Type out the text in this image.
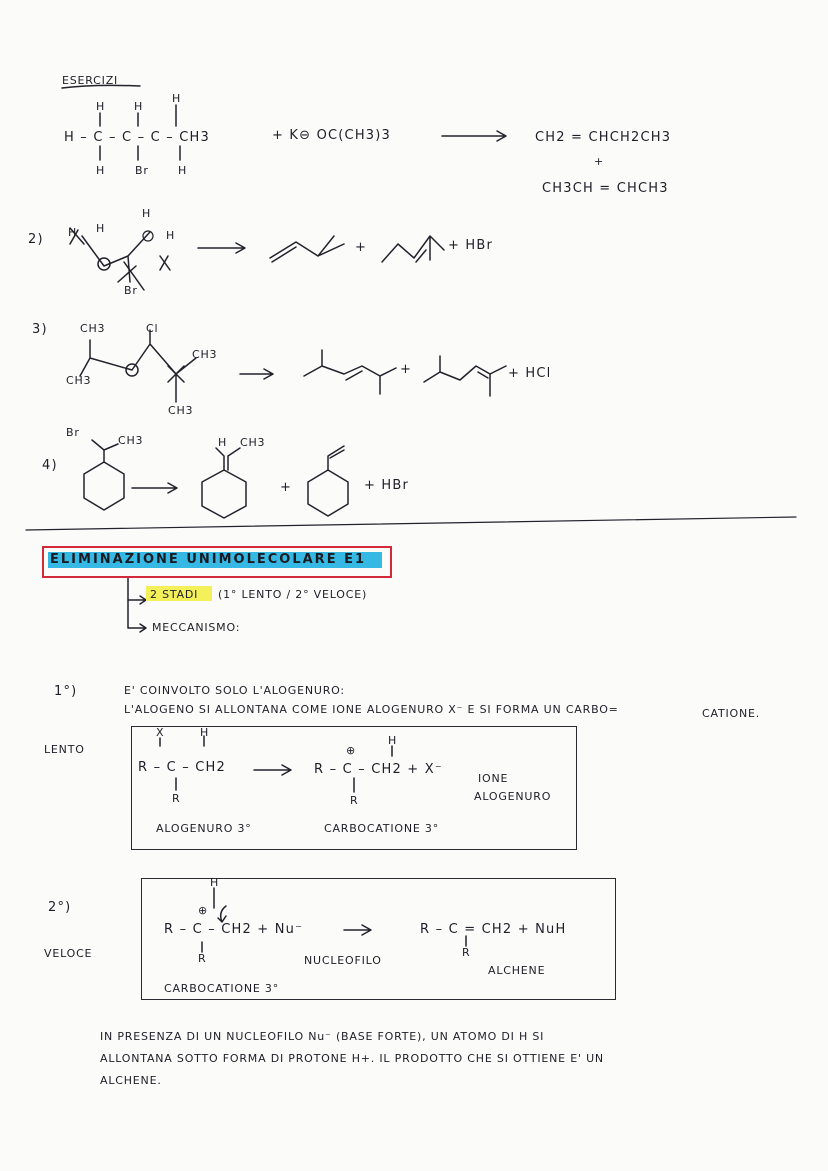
ESERCIZI
H	H
H
H – C – C – C – CH3
H	Br	H
+ K⊖ OC(CH3)3	CH2 = CHCH2CH3
+
CH3CH = CHCH3
2) H H
H
H
Br
+	+ HBr
3)	CH3
CH3
CH3
CH3
Cl
+	+ HCl
Br
CH3
4)
H CH3
+	+ HBr
ELIMINAZIONE UNIMOLECOLARE E1
2 STADI (1° LENTO / 2° VELOCE)
MECCANISMO:
1°)	E' COINVOLTO SOLO L'ALOGENURO:
L'ALOGENO SI ALLONTANA COME IONE ALOGENURO X⁻ E SI FORMA UN CARBO=	CATIONE.
LENTO
X	H
R – C – CH2
R
⊕
H
R – C – CH2 + X⁻
R
IONE
ALOGENURO
ALOGENURO 3°	CARBOCATIONE 3°
2°)
VELOCE
H
⊕
R – C – CH2 + Nu⁻
R	NUCLEOFILO
R – C = CH2 + NuH
R
ALCHENE
CARBOCATIONE 3°
IN PRESENZA DI UN NUCLEOFILO Nu⁻ (BASE FORTE), UN ATOMO DI H SI
ALLONTANA SOTTO FORMA DI PROTONE H+. IL PRODOTTO CHE SI OTTIENE E' UN
ALCHENE.
